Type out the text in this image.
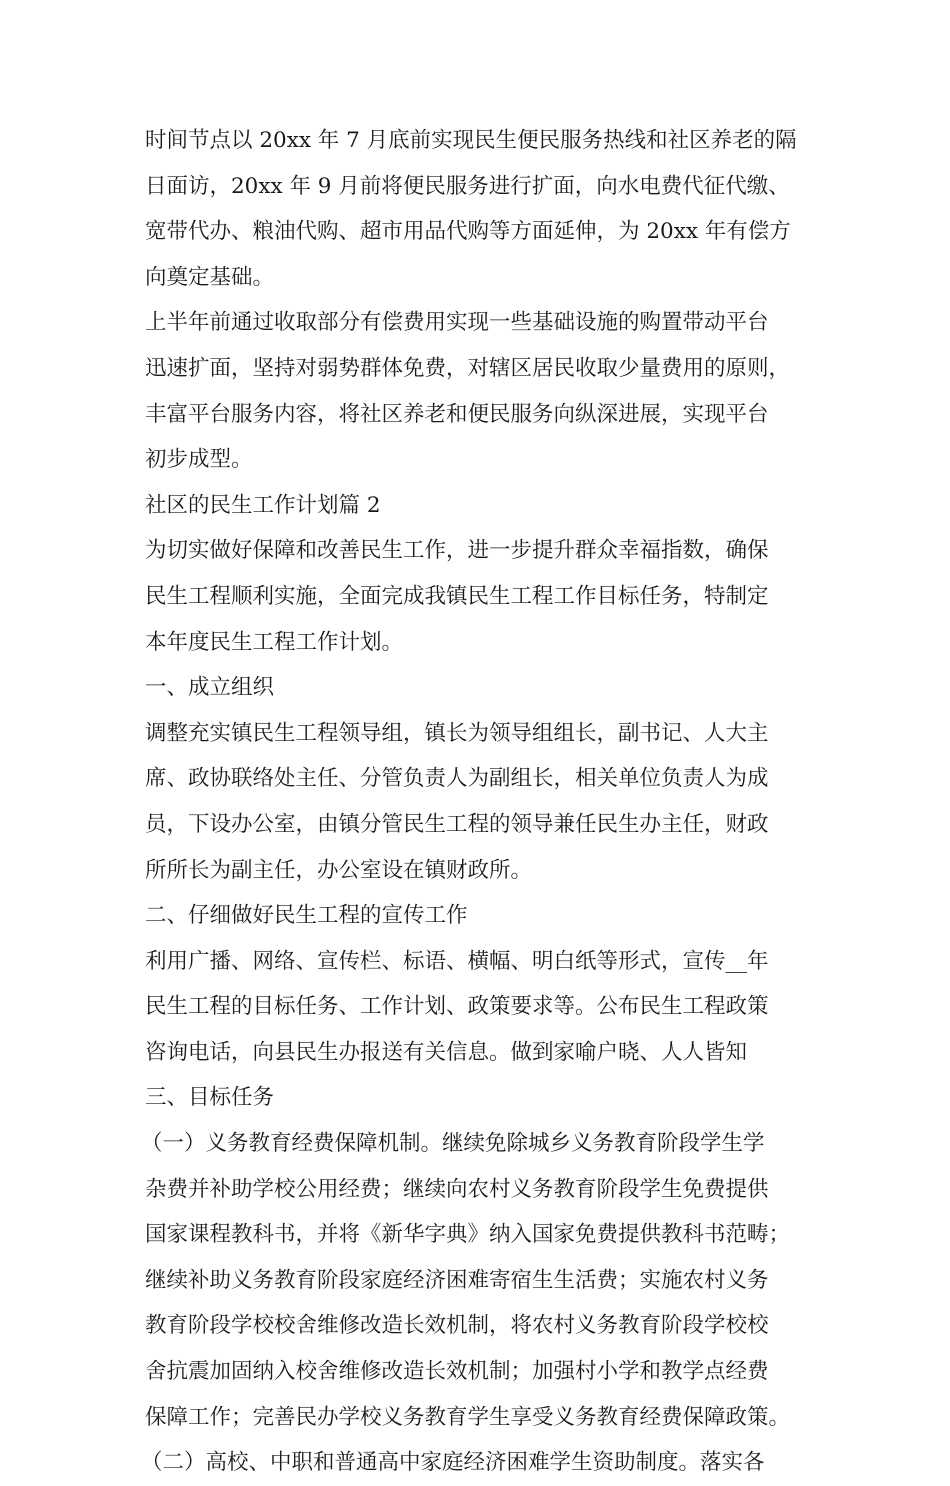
时间节点以 20xx 年 7 月底前实现民生便民服务热线和社区养老的隔
日面访，20xx 年 9 月前将便民服务进行扩面，向水电费代征代缴、
宽带代办、粮油代购、超市用品代购等方面延伸，为 20xx 年有偿方
向奠定基础。
上半年前通过收取部分有偿费用实现一些基础设施的购置带动平台
迅速扩面，坚持对弱势群体免费，对辖区居民收取少量费用的原则，
丰富平台服务内容，将社区养老和便民服务向纵深进展，实现平台
初步成型。
社区的民生工作计划篇 2
为切实做好保障和改善民生工作，进一步提升群众幸福指数，确保
民生工程顺利实施，全面完成我镇民生工程工作目标任务，特制定
本年度民生工程工作计划。
一、成立组织
调整充实镇民生工程领导组，镇长为领导组组长，副书记、人大主
席、政协联络处主任、分管负责人为副组长，相关单位负责人为成
员，下设办公室，由镇分管民生工程的领导兼任民生办主任，财政
所所长为副主任，办公室设在镇财政所。
二、仔细做好民生工程的宣传工作
利用广播、网络、宣传栏、标语、横幅、明白纸等形式，宣传__年
民生工程的目标任务、工作计划、政策要求等。公布民生工程政策
咨询电话，向县民生办报送有关信息。做到家喻户晓、人人皆知
三、目标任务
（一）义务教育经费保障机制。继续免除城乡义务教育阶段学生学
杂费并补助学校公用经费；继续向农村义务教育阶段学生免费提供
国家课程教科书，并将《新华字典》纳入国家免费提供教科书范畴；
继续补助义务教育阶段家庭经济困难寄宿生生活费；实施农村义务
教育阶段学校校舍维修改造长效机制，将农村义务教育阶段学校校
舍抗震加固纳入校舍维修改造长效机制；加强村小学和教学点经费
保障工作；完善民办学校义务教育学生享受义务教育经费保障政策。
（二）高校、中职和普通高中家庭经济困难学生资助制度。落实各
